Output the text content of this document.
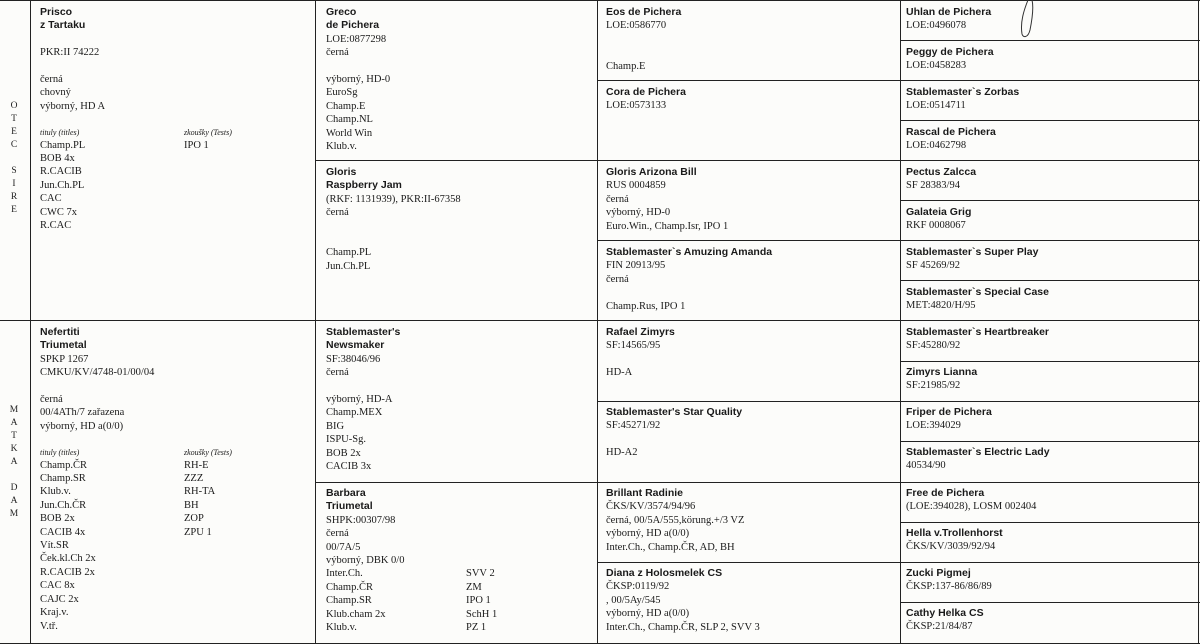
O
T
E
C
S
I
R
E
M
A
T
K
A
D
A
M
Prisco
z Tartaku
PKR:II 74222
černá
chovný
výborný, HD A
tituly (titles)	zkoušky (Tests)
Champ.PL
BOB 4x
R.CACIB
Jun.Ch.PL
CAC
CWC 7x
R.CAC
IPO 1
Nefertiti
Triumetal
SPKP 1267
CMKU/KV/4748-01/00/04
černá
00/4ATh/7 zařazena
výborný, HD a(0/0)
tituly (titles)	zkoušky (Tests)
Champ.ČR
Champ.SR
Klub.v.
Jun.Ch.ČR
BOB 2x
CACIB 4x
Vít.SR
Ček.kl.Ch 2x
R.CACIB 2x
CAC 8x
CAJC 2x
Kraj.v.
V.tř.
RH-E
ZZZ
RH-TA
BH
ZOP
ZPU 1
Greco
de Pichera
LOE:0877298
černá
výborný, HD-0
EuroSg
Champ.E
Champ.NL
World Win
Klub.v.
Gloris
Raspberry Jam
(RKF: 1131939), PKR:II-67358
černá
Champ.PL
Jun.Ch.PL
Stablemaster's
Newsmaker
SF:38046/96
černá
výborný, HD-A
Champ.MEX
BIG
ISPU-Sg.
BOB 2x
CACIB 3x
Barbara
Triumetal
SHPK:00307/98
černá
00/7A/5
výborný, DBK 0/0
Inter.Ch.
Champ.ČR
Champ.SR
Klub.cham 2x
Klub.v.
SVV 2
ZM
IPO 1
SchH 1
PZ 1
Eos de Pichera
LOE:0586770
Champ.E
Cora de Pichera
LOE:0573133
Gloris Arizona Bill
RUS 0004859
černá
výborný, HD-0
Euro.Win., Champ.Isr, IPO 1
Stablemaster`s Amuzing Amanda
FIN 20913/95
černá
Champ.Rus, IPO 1
Rafael Zimyrs
SF:14565/95
HD-A
Stablemaster's Star Quality
SF:45271/92
HD-A2
Brillant Radinie
ČKS/KV/3574/94/96
černá, 00/5A/555,körung.+/3 VZ
výborný, HD a(0/0)
Inter.Ch., Champ.ČR, AD, BH
Diana z Holosmelek CS
ČKSP:0119/92
, 00/5Ay/545
výborný, HD a(0/0)
Inter.Ch., Champ.ČR, SLP 2, SVV 3
Uhlan de Pichera
LOE:0496078
Peggy de Pichera
LOE:0458283
Stablemaster`s Zorbas
LOE:0514711
Rascal de Pichera
LOE:0462798
Pectus Zalcca
SF 28383/94
Galateia Grig
RKF 0008067
Stablemaster`s Super Play
SF 45269/92
Stablemaster`s Special Case
MET:4820/H/95
Stablemaster`s Heartbreaker
SF:45280/92
Zimyrs Lianna
SF:21985/92
Friper de Pichera
LOE:394029
Stablemaster`s Electric Lady
40534/90
Free de Pichera
(LOE:394028), LOSM 002404
Hella v.Trollenhorst
ČKS/KV/3039/92/94
Zucki Pigmej
ČKSP:137-86/86/89
Cathy Helka CS
ČKSP:21/84/87
